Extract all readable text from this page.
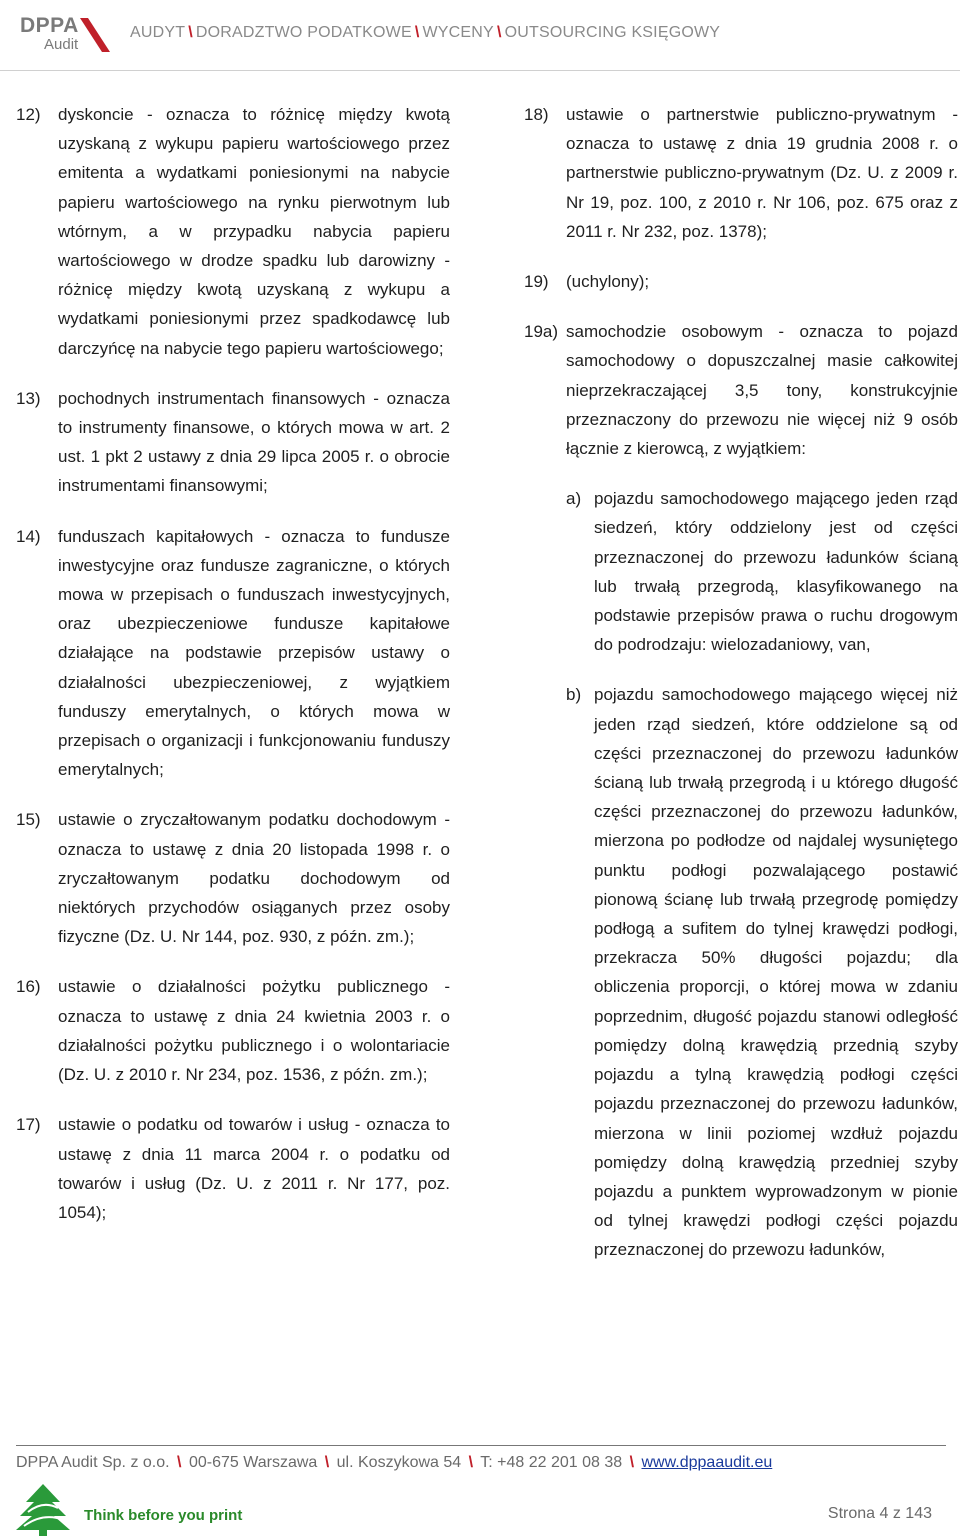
DPPA
Audit
AUDYT \ DORADZTWO PODATKOWE \ WYCENY \ OUTSOURCING KSIĘGOWY
12)	dyskoncie - oznacza to różnicę między kwotą uzyskaną z wykupu papieru wartościowego przez emitenta a wydatkami poniesionymi na nabycie papieru wartościowego na rynku pierwotnym lub wtórnym, a w przypadku nabycia papieru wartościowego w drodze spadku lub darowizny - różnicę między kwotą uzyskaną z wykupu a wydatkami poniesionymi przez spadkodawcę lub darczyńcę na nabycie tego papieru wartościowego;
13)	pochodnych instrumentach finansowych - oznacza to instrumenty finansowe, o których mowa w art. 2 ust. 1 pkt 2 ustawy z dnia 29 lipca 2005 r. o obrocie instrumentami finansowymi;
14)	funduszach kapitałowych - oznacza to fundusze inwestycyjne oraz fundusze zagraniczne, o których mowa w przepisach o funduszach inwestycyjnych, oraz ubezpieczeniowe fundusze kapitałowe działające na podstawie przepisów ustawy o działalności ubezpieczeniowej, z wyjątkiem funduszy emerytalnych, o których mowa w przepisach o organizacji i funkcjonowaniu funduszy emerytalnych;
15)	ustawie o zryczałtowanym podatku dochodowym - oznacza to ustawę z dnia 20 listopada 1998 r. o zryczałtowanym podatku dochodowym od niektórych przychodów osiąganych przez osoby fizyczne (Dz. U. Nr 144, poz. 930, z późn. zm.);
16)	ustawie o działalności pożytku publicznego - oznacza to ustawę z dnia 24 kwietnia 2003 r. o działalności pożytku publicznego i o wolontariacie (Dz. U. z 2010 r. Nr 234, poz. 1536, z późn. zm.);
17)	ustawie o podatku od towarów i usług - oznacza to ustawę z dnia 11 marca 2004 r. o podatku od towarów i usług (Dz. U. z 2011 r. Nr 177, poz. 1054);
18)	ustawie o partnerstwie publiczno-prywatnym - oznacza to ustawę z dnia 19 grudnia 2008 r. o partnerstwie publiczno-prywatnym (Dz. U. z 2009 r. Nr 19, poz. 100, z 2010 r. Nr 106, poz. 675 oraz z 2011 r. Nr 232, poz. 1378);
19)	(uchylony);
19a) samochodzie osobowym - oznacza to pojazd samochodowy o dopuszczalnej masie całkowitej nieprzekraczającej 3,5 tony, konstrukcyjnie przeznaczony do przewozu nie więcej niż 9 osób łącznie z kierowcą, z wyjątkiem:
a) pojazdu samochodowego mającego jeden rząd siedzeń, który oddzielony jest od części przeznaczonej do przewozu ładunków ścianą lub trwałą przegrodą, klasyfikowanego na podstawie przepisów prawa o ruchu drogowym do podrodzaju: wielozadaniowy, van,
b) pojazdu samochodowego mającego więcej niż jeden rząd siedzeń, które oddzielone są od części przeznaczonej do przewozu ładunków ścianą lub trwałą przegrodą i u którego długość części przeznaczonej do przewozu ładunków, mierzona po podłodze od najdalej wysuniętego punktu podłogi pozwalającego postawić pionową ścianę lub trwałą przegrodę pomiędzy podłogą a sufitem do tylnej krawędzi podłogi, przekracza 50% długości pojazdu; dla obliczenia proporcji, o której mowa w zdaniu poprzednim, długość pojazdu stanowi odległość pomiędzy dolną krawędzią przednią szyby pojazdu a tylną krawędzią podłogi części pojazdu przeznaczonej do przewozu ładunków, mierzona w linii poziomej wzdłuż pojazdu pomiędzy dolną krawędzią przedniej szyby pojazdu a punktem wyprowadzonym w pionie od tylnej krawędzi podłogi części pojazdu przeznaczonej do przewozu ładunków,
DPPA Audit Sp. z o.o. \ 00-675 Warszawa \ ul. Koszykowa 54 \ T: +48 22 201 08 38 \ www.dppaaudit.eu
Think before you print	Strona 4 z 143
